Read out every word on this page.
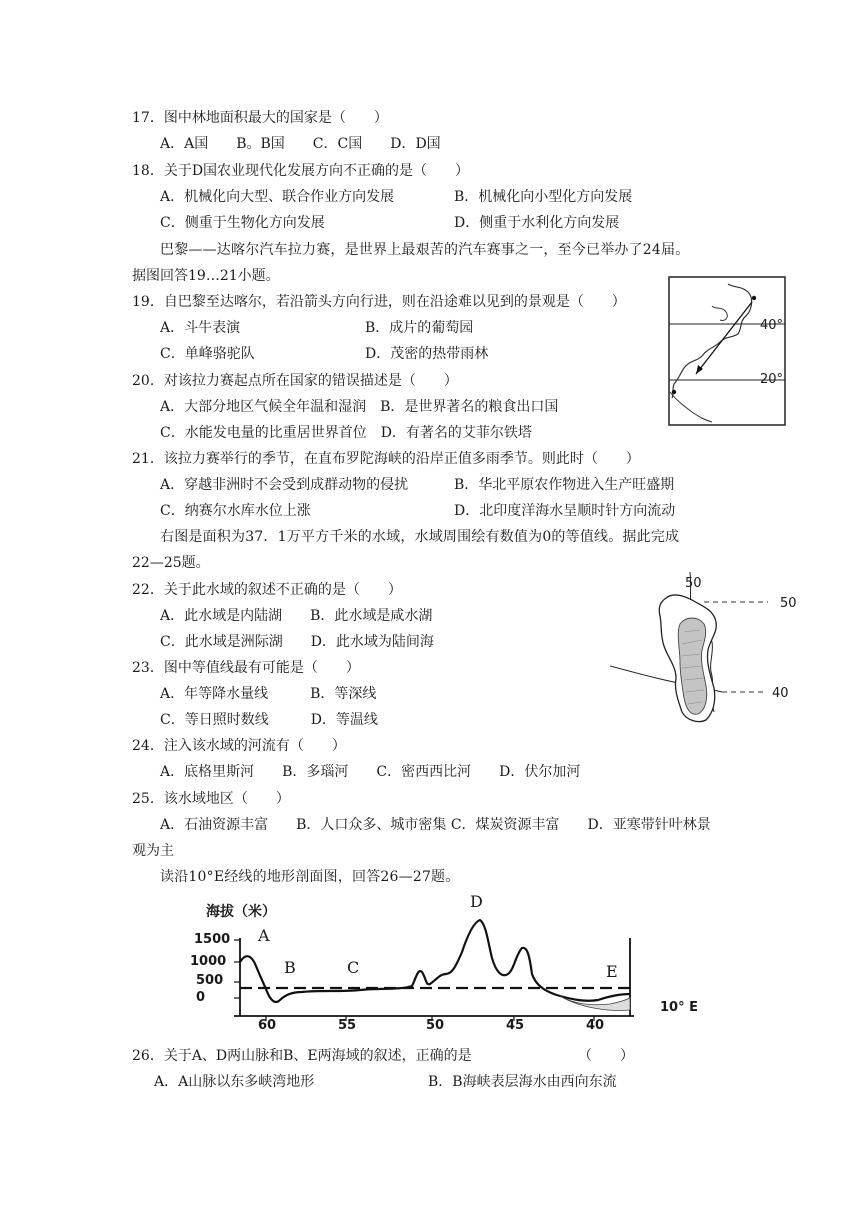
17．图中林地面积最大的国家是（　　）
A．A国　　B。B国　　C．C国　　D．D国
18．关于D国农业现代化发展方向不正确的是（　　）
A．机械化向大型、联合作业方向发展	B．机械化向小型化方向发展
C．侧重于生物化方向发展	D．侧重于水利化方向发展
巴黎——达喀尔汽车拉力赛，是世界上最艰苦的汽车赛事之一，至今已举办了24届。
据图回答19…21小题。
19．自巴黎至达喀尔，若沿箭头方向行进，则在沿途难以见到的景观是（　　）
A．斗牛表演	B．成片的葡萄园
C．单峰骆驼队	D．茂密的热带雨林
20．对该拉力赛起点所在国家的错误描述是（　　）
A．大部分地区气候全年温和湿润　B．是世界著名的粮食出口国
C．水能发电量的比重居世界首位　D．有著名的艾菲尔铁塔
40°
20°
21．该拉力赛举行的季节，在直布罗陀海峡的沿岸正值多雨季节。则此时（　　）
A．穿越非洲时不会受到成群动物的侵扰	B．华北平原农作物进入生产旺盛期
C．纳赛尔水库水位上涨	D．北印度洋海水呈顺时针方向流动
右图是面积为37．1万平方千米的水域，水域周围绘有数值为0的等值线。据此完成
22—25题。
22．关于此水域的叙述不正确的是（　　）
A．此水域是内陆湖　　B．此水域是咸水湖
C．此水域是洲际湖　　D．此水域为陆间海
23．图中等值线最有可能是（　　）
A．年等降水量线　　　B．等深线
C．等日照时数线　　　D．等温线
50
50
40
24．注入该水域的河流有（　　）
A．底格里斯河　　B．多瑙河　　C．密西西比河　　D．伏尔加河
25．该水域地区（　　）
A．石油资源丰富　　B．人口众多、城市密集 C．煤炭资源丰富　　D．亚寒带针叶林景
观为主
读沿10°E经线的地形剖面图，回答26—27题。
海拔（米）
1500
1000
500
0
60	55	50	45	40
10° E
A
B	C
D
E
26．关于A、D两山脉和B、E两海域的叙述，正确的是	（　　）
A．A山脉以东多峡湾地形	B．B海峡表层海水由西向东流
